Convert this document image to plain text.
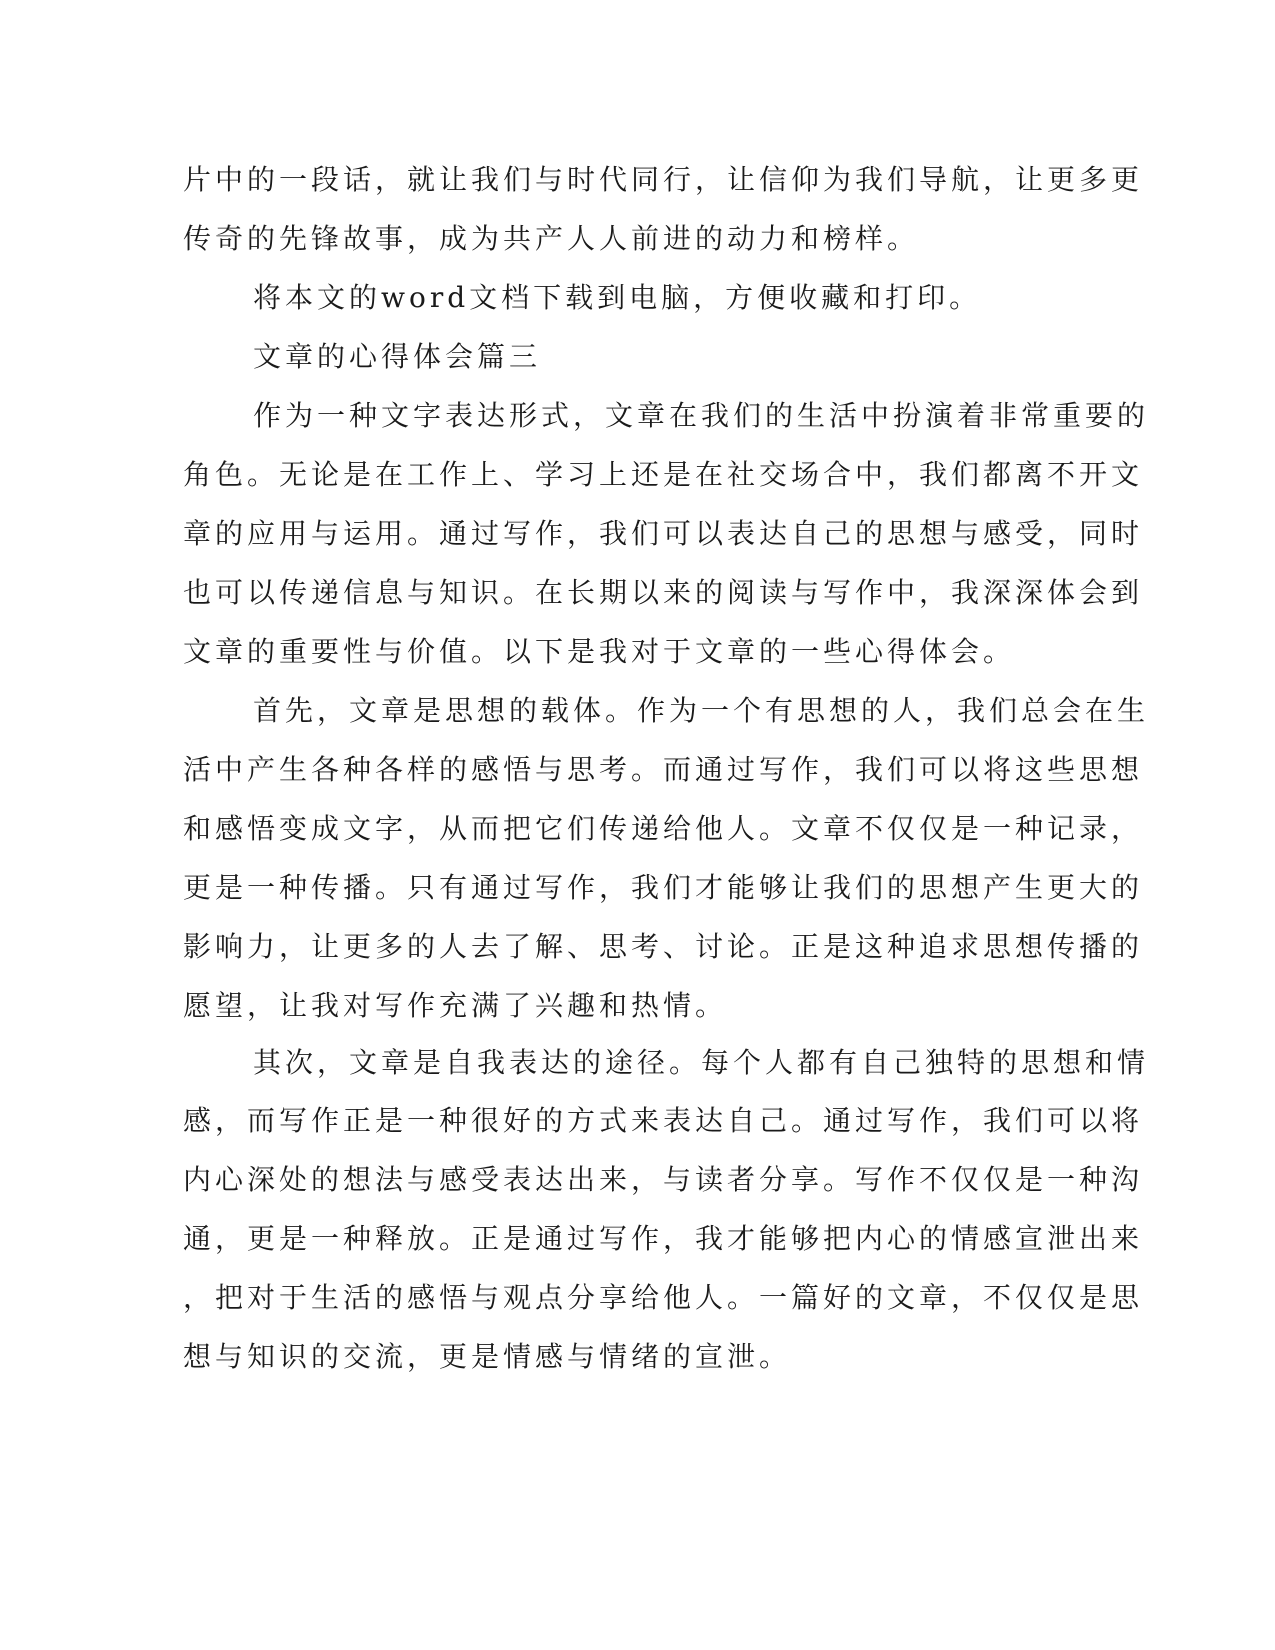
片中的一段话，就让我们与时代同行，让信仰为我们导航，让更多更
传奇的先锋故事，成为共产人人前进的动力和榜样。
将本文的word文档下载到电脑，方便收藏和打印。
文章的心得体会篇三
作为一种文字表达形式，文章在我们的生活中扮演着非常重要的
角色。无论是在工作上、学习上还是在社交场合中，我们都离不开文
章的应用与运用。通过写作，我们可以表达自己的思想与感受，同时
也可以传递信息与知识。在长期以来的阅读与写作中，我深深体会到
文章的重要性与价值。以下是我对于文章的一些心得体会。
首先，文章是思想的载体。作为一个有思想的人，我们总会在生
活中产生各种各样的感悟与思考。而通过写作，我们可以将这些思想
和感悟变成文字，从而把它们传递给他人。文章不仅仅是一种记录，
更是一种传播。只有通过写作，我们才能够让我们的思想产生更大的
影响力，让更多的人去了解、思考、讨论。正是这种追求思想传播的
愿望，让我对写作充满了兴趣和热情。
其次，文章是自我表达的途径。每个人都有自己独特的思想和情
感，而写作正是一种很好的方式来表达自己。通过写作，我们可以将
内心深处的想法与感受表达出来，与读者分享。写作不仅仅是一种沟
通，更是一种释放。正是通过写作，我才能够把内心的情感宣泄出来
，把对于生活的感悟与观点分享给他人。一篇好的文章，不仅仅是思
想与知识的交流，更是情感与情绪的宣泄。
